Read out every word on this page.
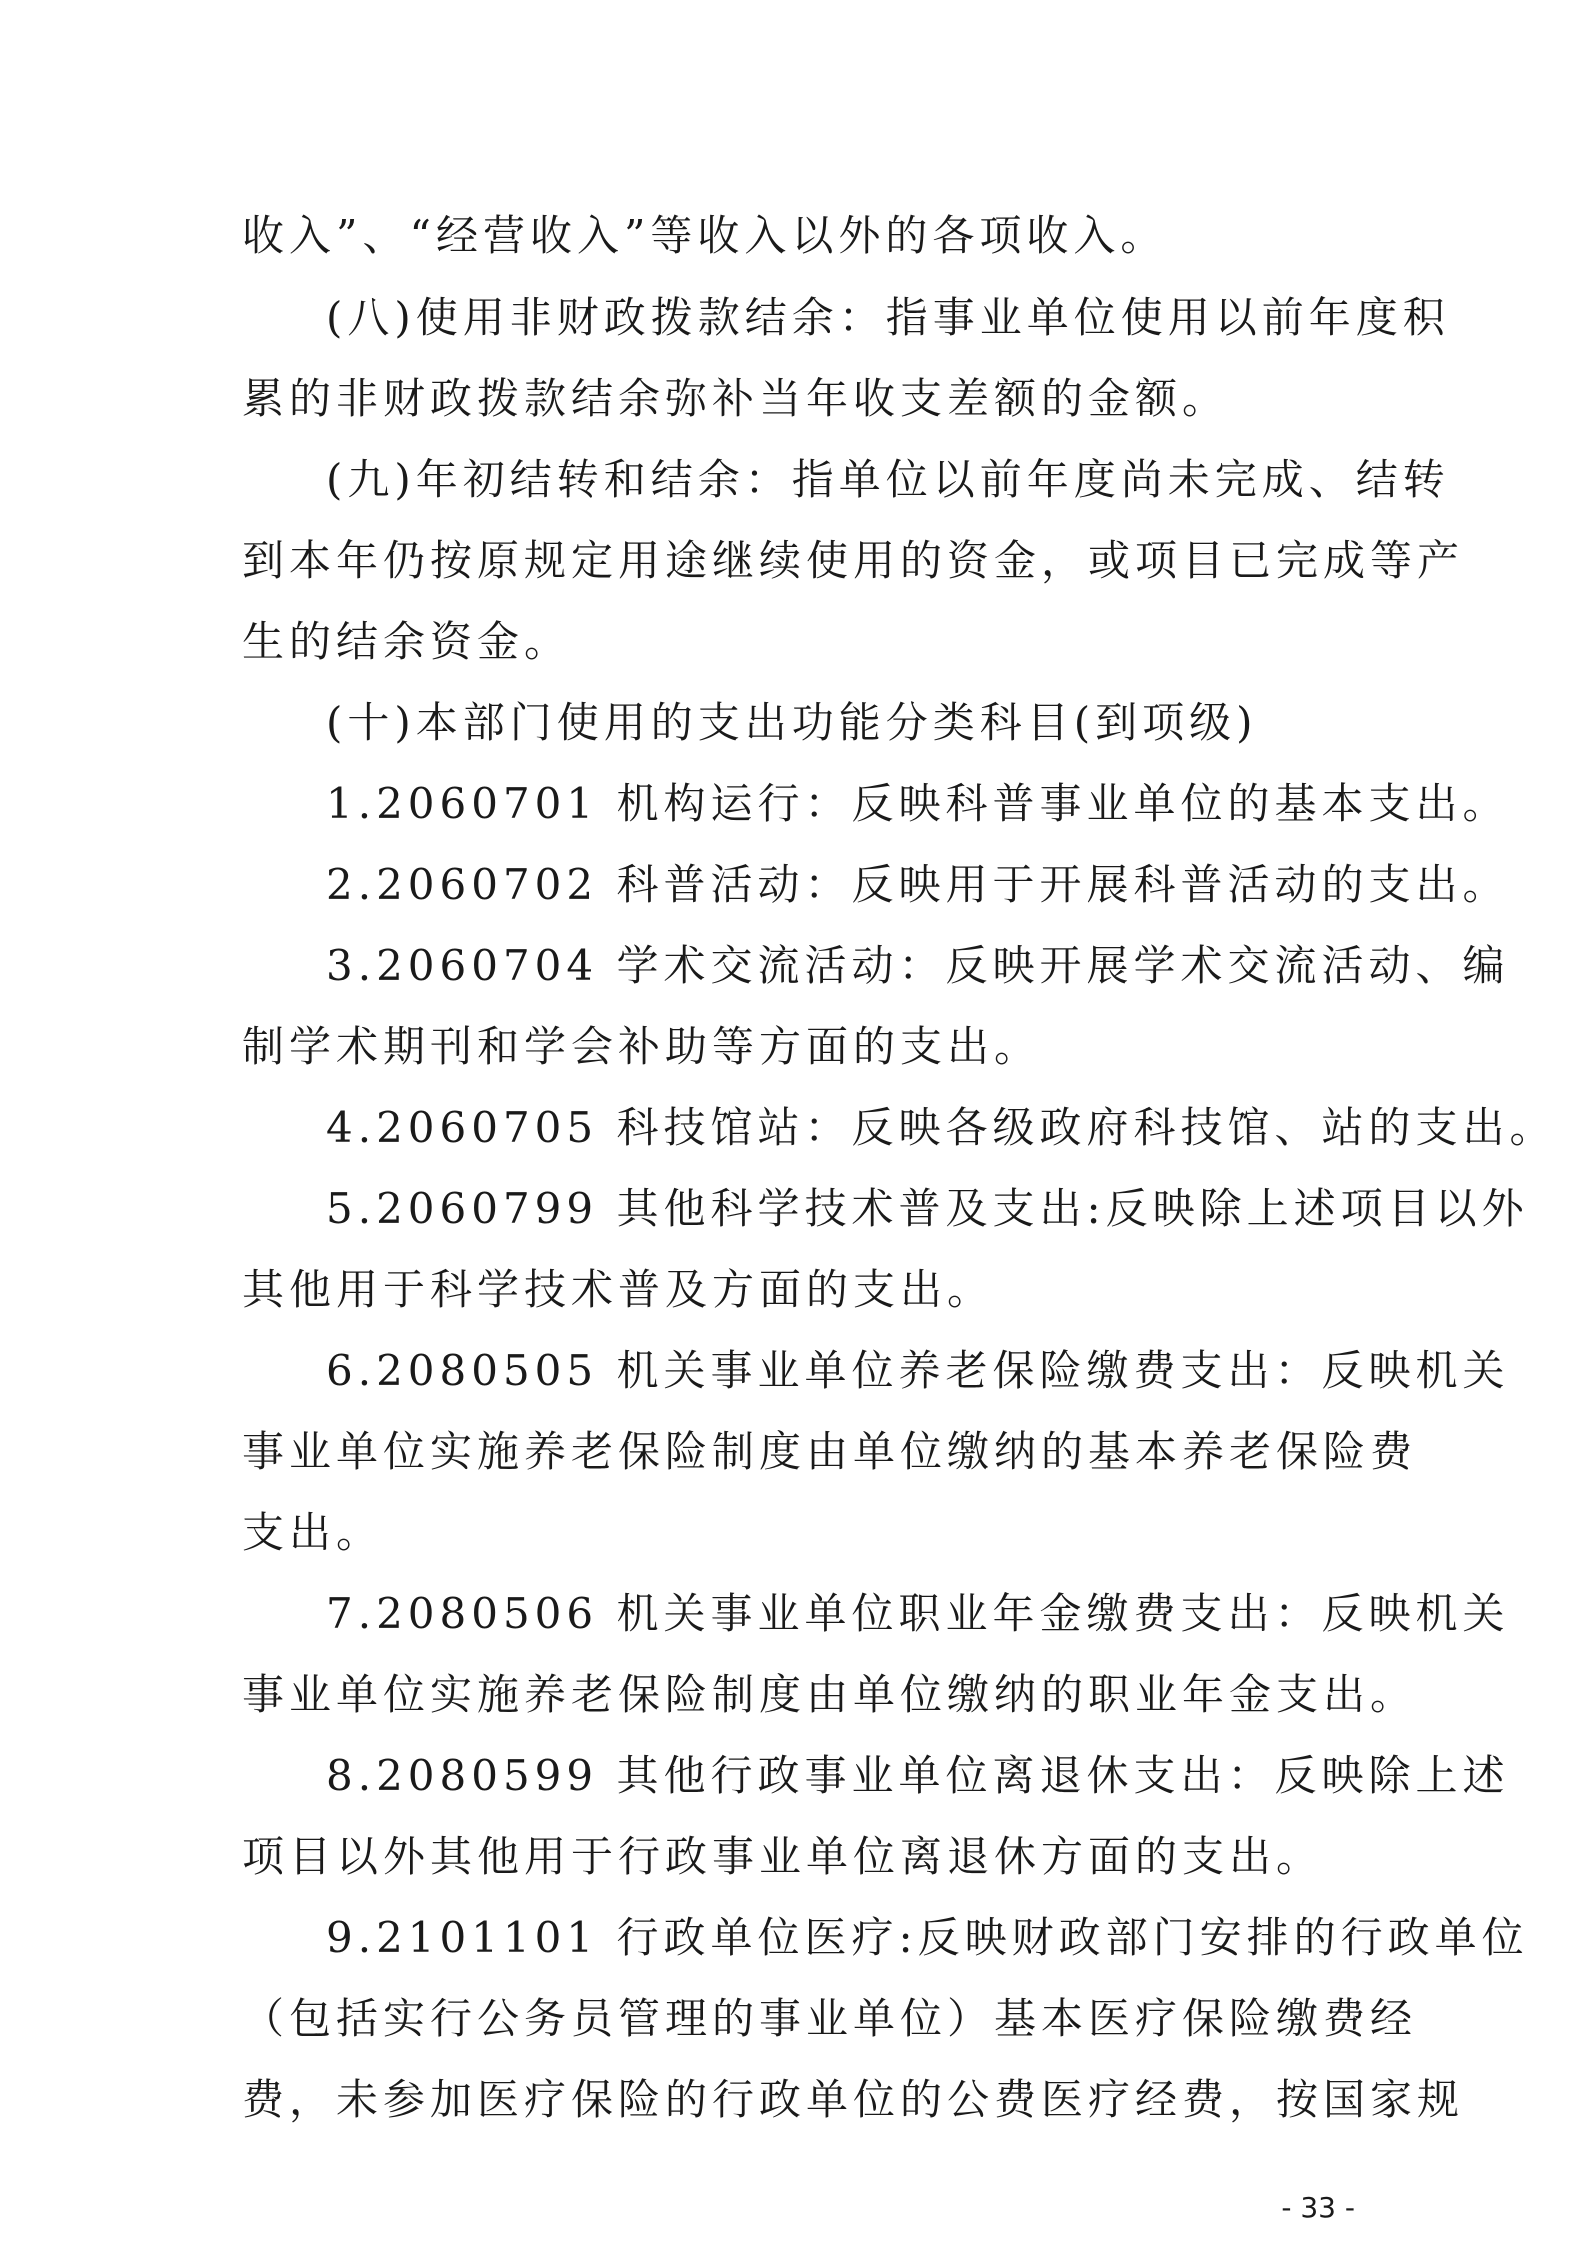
收入”、“经营收入”等收入以外的各项收入。
(八)使用非财政拨款结余：指事业单位使用以前年度积
累的非财政拨款结余弥补当年收支差额的金额。
(九)年初结转和结余：指单位以前年度尚未完成、结转
到本年仍按原规定用途继续使用的资金，或项目已完成等产
生的结余资金。
(十)本部门使用的支出功能分类科目(到项级)
1.2060701 机构运行：反映科普事业单位的基本支出。
2.2060702 科普活动：反映用于开展科普活动的支出。
3.2060704 学术交流活动：反映开展学术交流活动、编
制学术期刊和学会补助等方面的支出。
4.2060705 科技馆站：反映各级政府科技馆、站的支出。
5.2060799 其他科学技术普及支出:反映除上述项目以外
其他用于科学技术普及方面的支出。
6.2080505 机关事业单位养老保险缴费支出：反映机关
事业单位实施养老保险制度由单位缴纳的基本养老保险费
支出。
7.2080506 机关事业单位职业年金缴费支出：反映机关
事业单位实施养老保险制度由单位缴纳的职业年金支出。
8.2080599 其他行政事业单位离退休支出：反映除上述
项目以外其他用于行政事业单位离退休方面的支出。
9.2101101 行政单位医疗:反映财政部门安排的行政单位
（包括实行公务员管理的事业单位）基本医疗保险缴费经
费，未参加医疗保险的行政单位的公费医疗经费，按国家规
- 33 -
